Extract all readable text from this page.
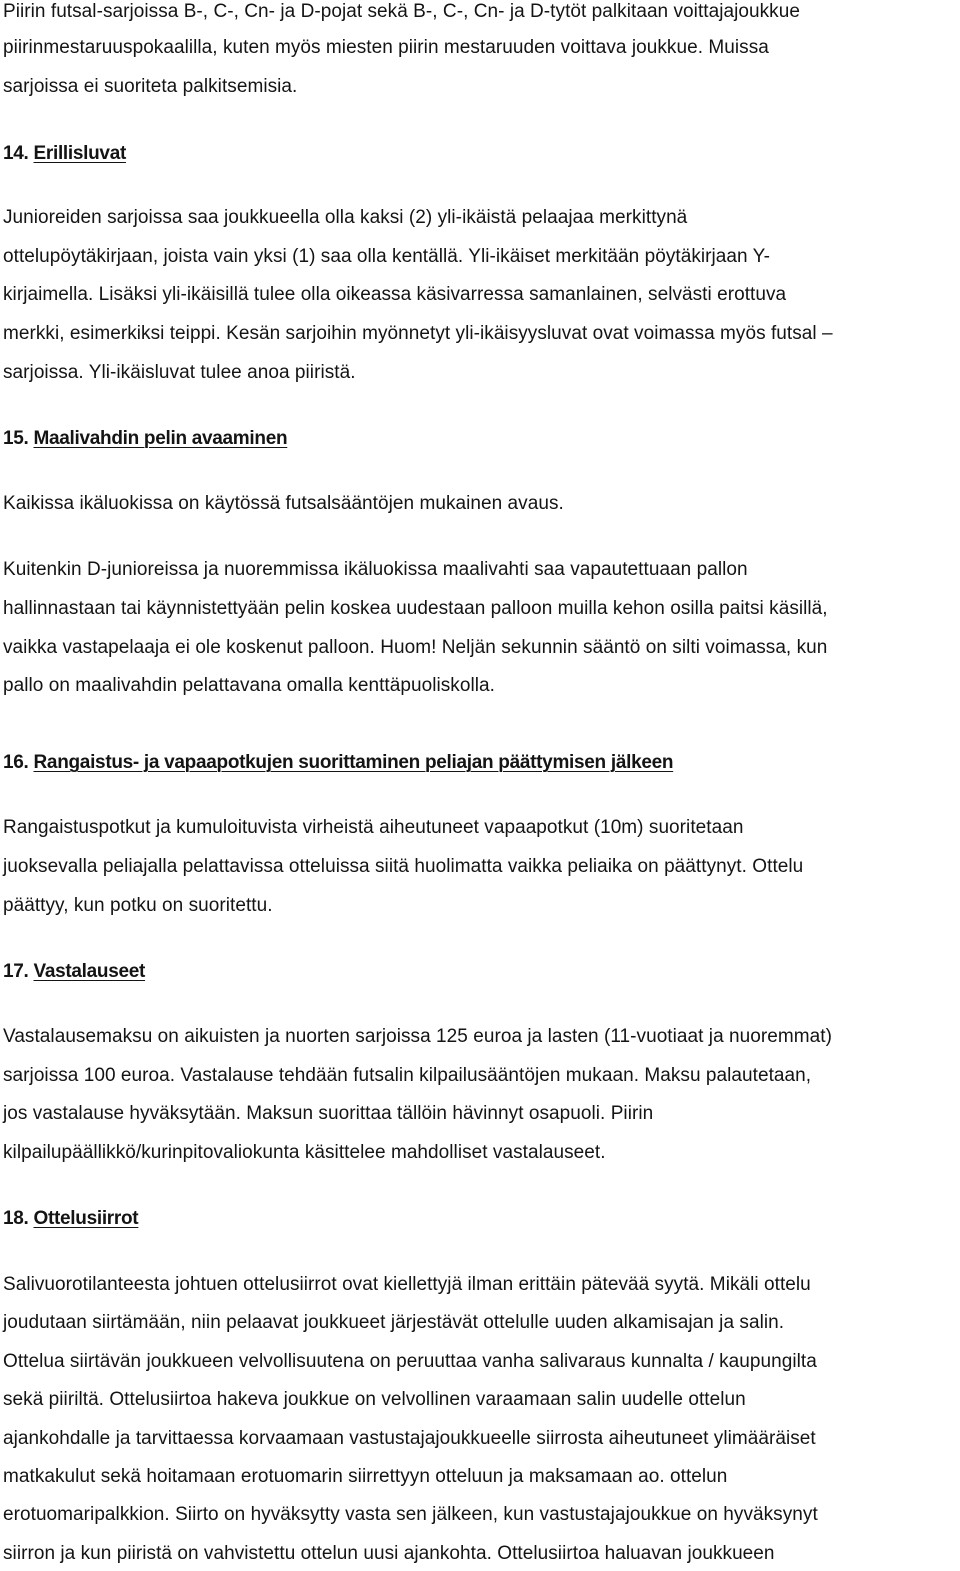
Piirin futsal-sarjoissa B-, C-, Cn- ja D-pojat sekä B-, C-, Cn- ja D-tytöt palkitaan voittajajoukkue
piirinmestaruuspokaalilla, kuten myös miesten piirin mestaruuden voittava joukkue. Muissa
sarjoissa ei suoriteta palkitsemisia.
14. Erillisluvat
Junioreiden sarjoissa saa joukkueella olla kaksi (2) yli-ikäistä pelaajaa merkittynä
ottelupöytäkirjaan, joista vain yksi (1) saa olla kentällä. Yli-ikäiset merkitään pöytäkirjaan Y-
kirjaimella. Lisäksi yli-ikäisillä tulee olla oikeassa käsivarressa samanlainen, selvästi erottuva
merkki, esimerkiksi teippi. Kesän sarjoihin myönnetyt yli-ikäisyysluvat ovat voimassa myös futsal –
sarjoissa. Yli-ikäisluvat tulee anoa piiristä.
15. Maalivahdin pelin avaaminen
Kaikissa ikäluokissa on käytössä futsalsääntöjen mukainen avaus.
Kuitenkin D-junioreissa ja nuoremmissa ikäluokissa maalivahti saa vapautettuaan pallon
hallinnastaan tai käynnistettyään pelin koskea uudestaan palloon muilla kehon osilla paitsi käsillä,
vaikka vastapelaaja ei ole koskenut palloon. Huom! Neljän sekunnin sääntö on silti voimassa, kun
pallo on maalivahdin pelattavana omalla kenttäpuoliskolla.
16. Rangaistus- ja vapaapotkujen suorittaminen peliajan päättymisen jälkeen
Rangaistuspotkut ja kumuloituvista virheistä aiheutuneet vapaapotkut (10m) suoritetaan
juoksevalla peliajalla pelattavissa otteluissa siitä huolimatta vaikka peliaika on päättynyt. Ottelu
päättyy, kun potku on suoritettu.
17. Vastalauseet
Vastalausemaksu on aikuisten ja nuorten sarjoissa 125 euroa ja lasten (11-vuotiaat ja nuoremmat)
sarjoissa 100 euroa. Vastalause tehdään futsalin kilpailusääntöjen mukaan. Maksu palautetaan,
jos vastalause hyväksytään. Maksun suorittaa tällöin hävinnyt osapuoli. Piirin
kilpailupäällikkö/kurinpitovaliokunta käsittelee mahdolliset vastalauseet.
18. Ottelusiirrot
Salivuorotilanteesta johtuen ottelusiirrot ovat kiellettyjä ilman erittäin pätevää syytä. Mikäli ottelu
joudutaan siirtämään, niin pelaavat joukkueet järjestävät ottelulle uuden alkamisajan ja salin.
Ottelua siirtävän joukkueen velvollisuutena on peruuttaa vanha salivaraus kunnalta / kaupungilta
sekä piiriltä. Ottelusiirtoa hakeva joukkue on velvollinen varaamaan salin uudelle ottelun
ajankohdalle ja tarvittaessa korvaamaan vastustajajoukkueelle siirrosta aiheutuneet ylimääräiset
matkakulut sekä hoitamaan erotuomarin siirrettyyn otteluun ja maksamaan ao. ottelun
erotuomaripalkkion. Siirto on hyväksytty vasta sen jälkeen, kun vastustajajoukkue on hyväksynyt
siirron ja kun piiristä on vahvistettu ottelun uusi ajankohta. Ottelusiirtoa haluavan joukkueen
